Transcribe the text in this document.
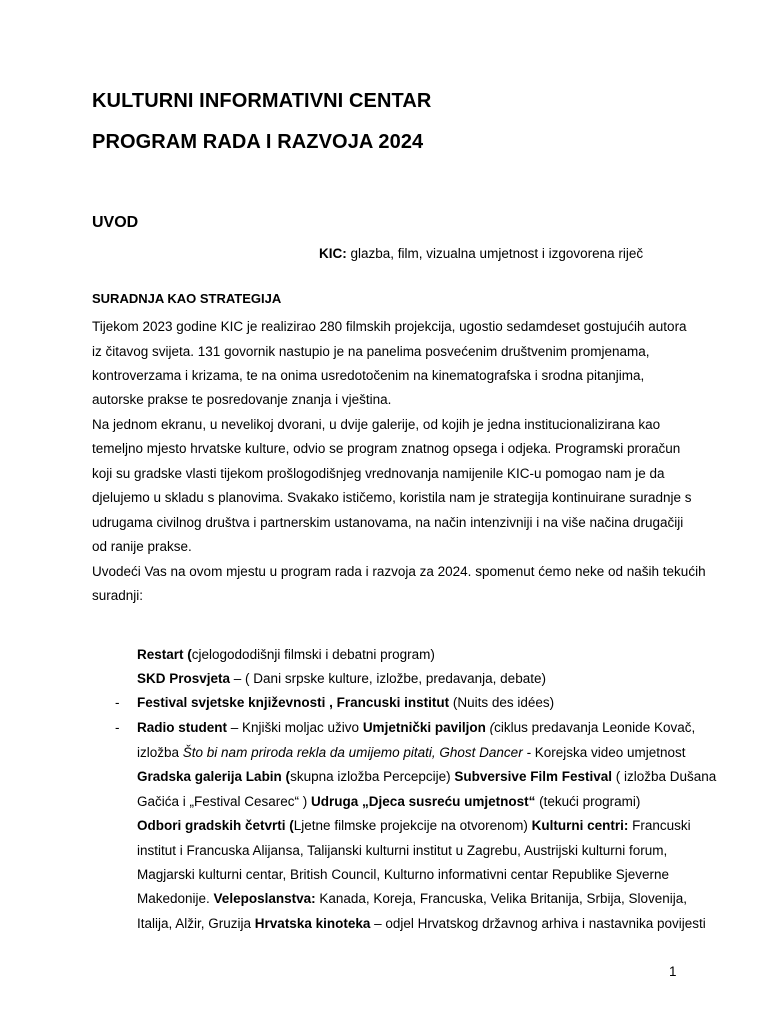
KULTURNI INFORMATIVNI CENTAR
PROGRAM RADA I RAZVOJA 2024
UVOD
KIC: glazba, film, vizualna umjetnost i izgovorena riječ
SURADNJA KAO STRATEGIJA
Tijekom 2023 godine KIC je realizirao 280 filmskih projekcija, ugostio sedamdeset gostujućih autora
iz čitavog svijeta. 131 govornik nastupio je na panelima posvećenim društvenim promjenama,
kontroverzama i krizama, te na onima usredotočenim na kinematografska i srodna pitanjima,
autorske prakse te posredovanje znanja i vještina.
Na jednom ekranu, u nevelikoj dvorani, u dvije galerije, od kojih je jedna institucionalizirana kao
temeljno mjesto hrvatske kulture, odvio se program znatnog opsega i odjeka. Programski proračun
koji su gradske vlasti tijekom prošlogodišnjeg vrednovanja namijenile KIC-u pomogao nam je da
djelujemo u skladu s planovima. Svakako ističemo, koristila nam je strategija kontinuirane suradnje s
udrugama civilnog društva i partnerskim ustanovama, na način intenzivniji i na više načina drugačiji
od ranije prakse.
Uvodeći Vas na ovom mjestu u program rada i razvoja za 2024. spomenut ćemo neke od naših tekućih
suradnji:
Restart (cjelogododišnji filmski i debatni program)
SKD Prosvjeta – ( Dani srpske kulture, izložbe, predavanja, debate)
- Festival svjetske književnosti , Francuski institut (Nuits des idées)
- Radio student – Knjiški moljac uživo Umjetnički paviljon (ciklus predavanja Leonide Kovač,
izložba Što bi nam priroda rekla da umijemo pitati, Ghost Dancer - Korejska video umjetnost
Gradska galerija Labin (skupna izložba Percepcije) Subversive Film Festival ( izložba Dušana
Gačića i „Festival Cesarec“ ) Udruga „Djeca susreću umjetnost“ (tekući programi)
Odbori gradskih četvrti (Ljetne filmske projekcije na otvorenom) Kulturni centri: Francuski
institut i Francuska Alijansa, Talijanski kulturni institut u Zagrebu, Austrijski kulturni forum,
Magjarski kulturni centar, British Council, Kulturno informativni centar Republike Sjeverne
Makedonije. Veleposlanstva: Kanada, Koreja, Francuska, Velika Britanija, Srbija, Slovenija,
Italija, Alžir, Gruzija Hrvatska kinoteka – odjel Hrvatskog državnog arhiva i nastavnika povijesti
1
